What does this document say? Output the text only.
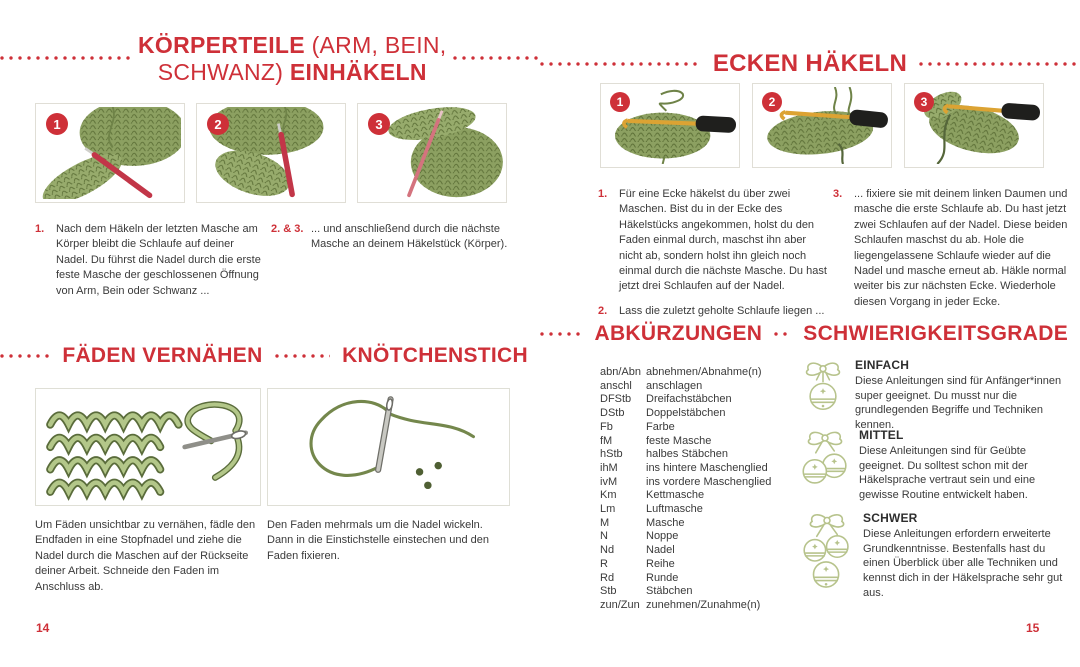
KÖRPERTEILE (ARM, BEIN,
SCHWANZ) EINHÄKELN
1	2	3
1.	Nach dem Häkeln der letzten Masche am Körper bleibt die Schlaufe auf deiner Nadel. Du führst die Nadel durch die erste feste Masche der geschlossenen Öffnung von Arm, Bein oder Schwanz ...
2. & 3. ... und anschließend durch die nächste Masche an deinem Häkelstück (Körper).
FÄDEN VERNÄHEN	KNÖTCHENSTICH
Um Fäden unsichtbar zu vernähen, fädle den Endfaden in eine Stopfnadel und ziehe die Nadel durch die Maschen auf der Rückseite deiner Arbeit. Schneide den Faden im Anschluss ab.
Den Faden mehrmals um die Nadel wickeln. Dann in die Einstichstelle einstechen und den Faden fixieren.
14
ECKEN HÄKELN
1	2	3
1.	Für eine Ecke häkelst du über zwei Maschen. Bist du in der Ecke des Häkelstücks angekommen, holst du den Faden einmal durch, maschst ihn aber nicht ab, sondern holst ihn gleich noch einmal durch die nächste Masche. Du hast jetzt drei Schlaufen auf der Nadel.
2.	Lass die zuletzt geholte Schlaufe liegen ...
3.	... fixiere sie mit deinem linken Daumen und masche die erste Schlaufe ab. Du hast jetzt zwei Schlaufen auf der Nadel. Diese beiden Schlaufen maschst du ab. Hole die liegengelassene Schlaufe wieder auf die Nadel und masche erneut ab. Häkle normal weiter bis zur nächsten Ecke. Wiederhole diesen Vorgang in jeder Ecke.
ABKÜRZUNGEN	SCHWIERIGKEITSGRADE
abn/Abn abnehmen/Abnahme(n)
anschl	anschlagen
DFStb	Dreifachstäbchen
DStb	Doppelstäbchen
Fb	Farbe
fM	feste Masche
hStb	halbes Stäbchen
ihM	ins hintere Maschenglied
ivM	ins vordere Maschenglied
Km	Kettmasche
Lm	Luftmasche
M	Masche
N	Noppe
Nd	Nadel
R	Reihe
Rd	Runde
Stb	Stäbchen
zun/Zun zunehmen/Zunahme(n)
EINFACH
Diese Anleitungen sind für Anfänger*innen super geeignet. Du musst nur die grundlegenden Begriffe und Techniken kennen.
MITTEL
Diese Anleitungen sind für Geübte geeignet. Du solltest schon mit der Häkelsprache vertraut sein und eine gewisse Routine entwickelt haben.
SCHWER
Diese Anleitungen erfordern erweiterte Grundkenntnisse. Bestenfalls hast du einen Überblick über alle Techniken und kennst dich in der Häkelsprache sehr gut aus.
15
